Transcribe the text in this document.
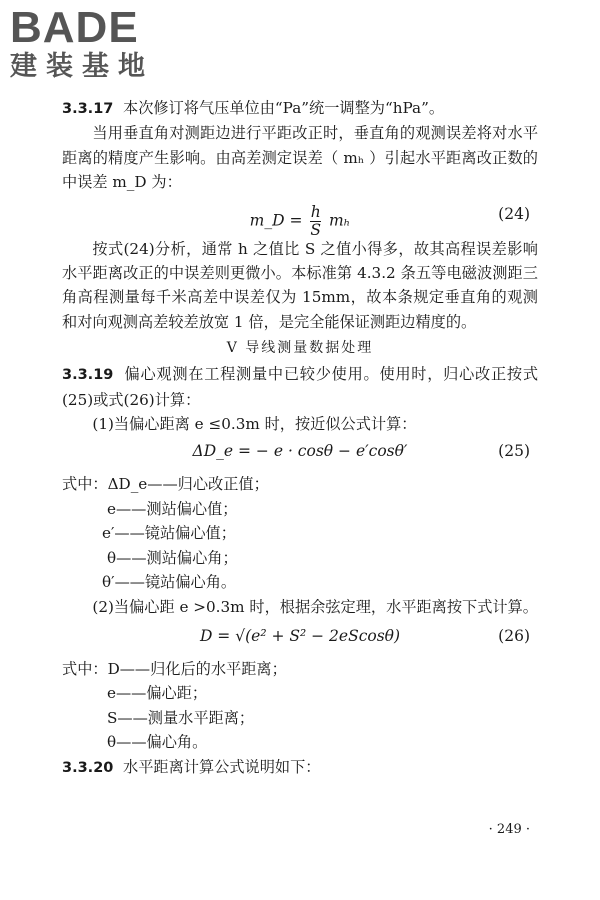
BADE
建装基地

3.3.17 本次修订将气压单位由“Pa”统一调整为“hPa”。

当用垂直角对测距边进行平距改正时，垂直角的观测误差将对水平距离的精度产生影响。由高差测定误差（ mₕ ）引起水平距离改正数的中误差 m_D 为：

m_D = $\frac{h}{S}$ mₕ	(24)

按式(24)分析，通常 h 之值比 S 之值小得多，故其高程误差影响水平距离改正的中误差则更微小。本标准第 4.3.2 条五等电磁波测距三角高程测量每千米高差中误差仅为 15mm，故本条规定垂直角的观测和对向观测高差较差放宽 1 倍，是完全能保证测距边精度的。

V 导线测量数据处理

3.3.19 偏心观测在工程测量中已较少使用。使用时，归心改正按式(25)或式(26)计算：

(1)当偏心距离 e ≤0.3m 时，按近似公式计算：

ΔD_e = − e · cosθ − e′cosθ′	(25)

式中：ΔD_e——归心改正值；

e——测站偏心值；

e′——镜站偏心值；

θ——测站偏心角；

θ′——镜站偏心角。

(2)当偏心距 e >0.3m 时，根据余弦定理，水平距离按下式计算。

D = √(e² + S² − 2eScosθ)	(26)

式中：D——归化后的水平距离；

e——偏心距；

S——测量水平距离；

θ——偏心角。

3.3.20 水平距离计算公式说明如下：

· 249 ·
